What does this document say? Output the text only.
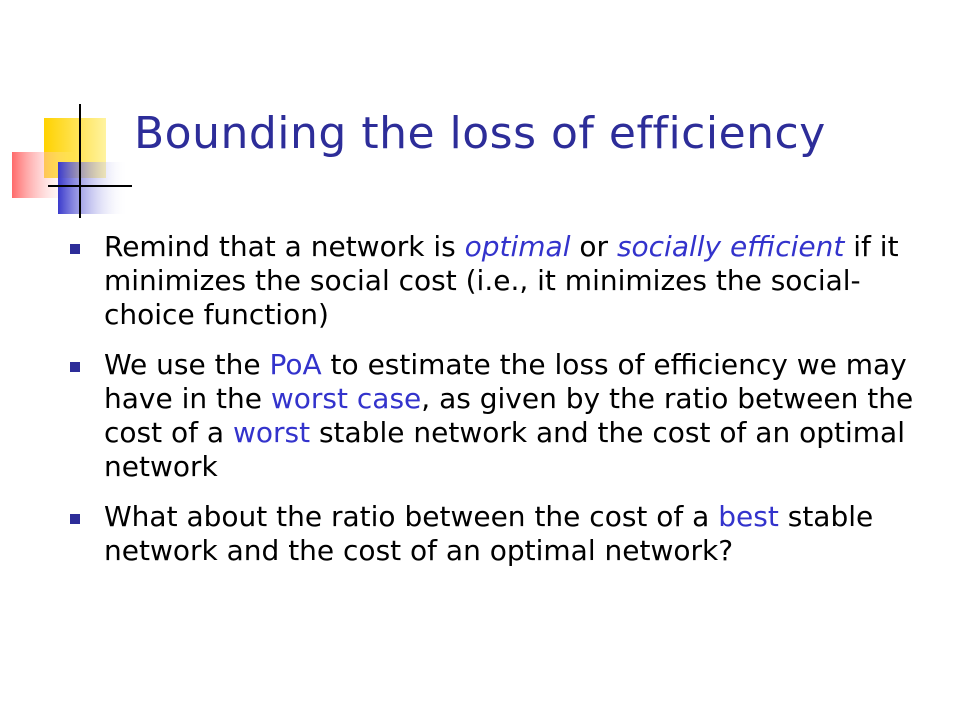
Bounding the loss of efficiency
Remind that a network is optimal or socially efficient if it minimizes the social cost (i.e., it minimizes the social-choice function)
We use the PoA to estimate the loss of efficiency we may have in the worst case, as given by the ratio between the cost of a worst stable network and the cost of an optimal network
What about the ratio between the cost of a best stable network and the cost of an optimal network?
